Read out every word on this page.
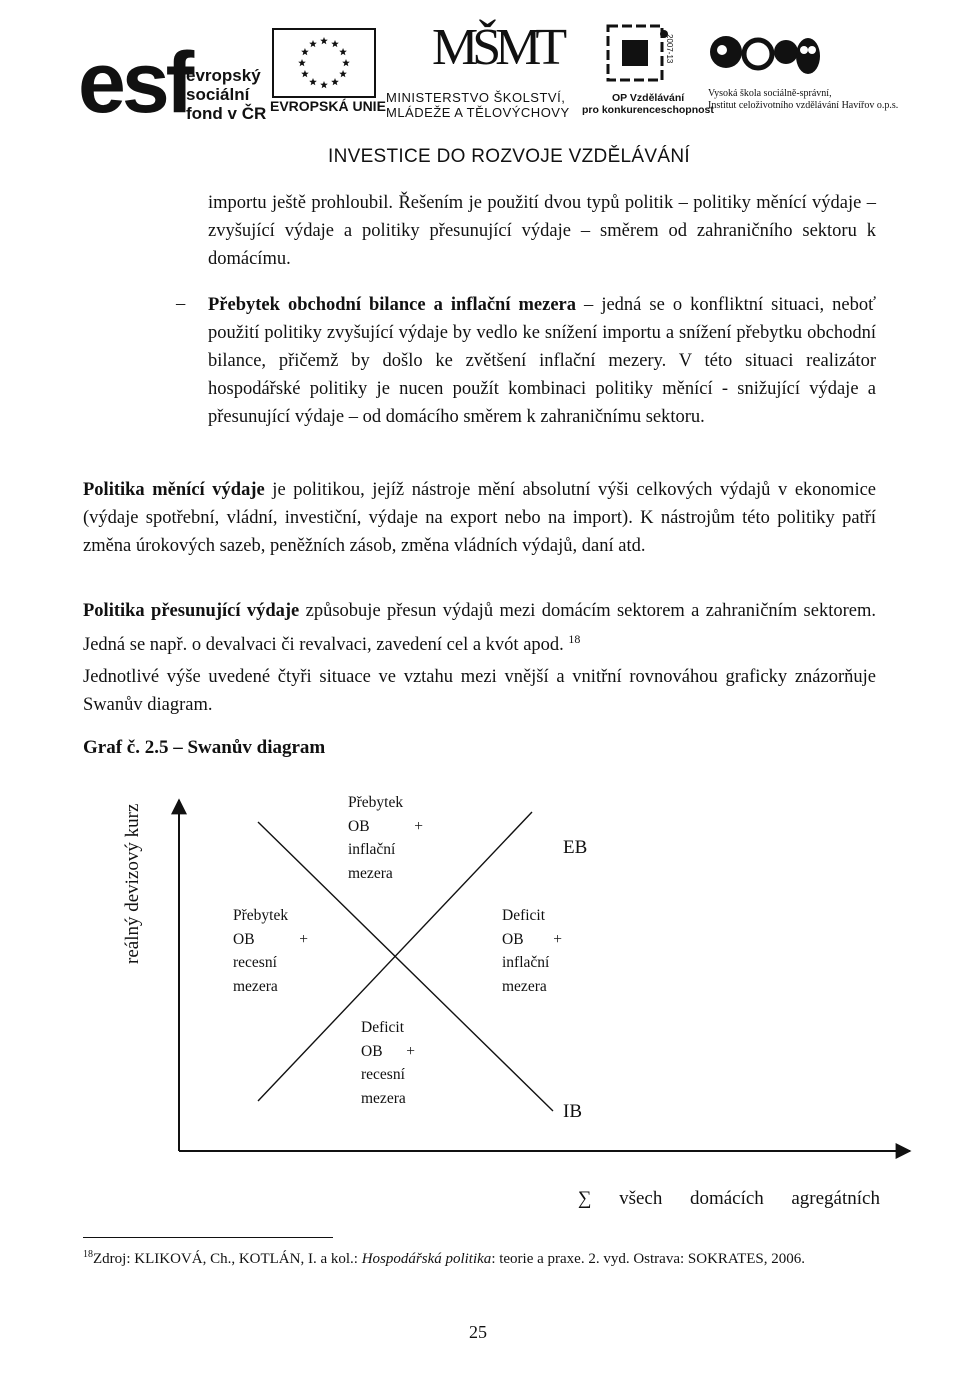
esf
evropský
sociální
fond v ČR EVROPSKÁ UNIE
MŠMT
MINISTERSTVO ŠKOLSTVÍ,
MLÁDEŽE A TĚLOVÝCHOVY
2007-13
OP Vzdělávání
pro konkurenceschopnost
Vysoká škola sociálně-správní,
Institut celoživotního vzdělávání Havířov o.p.s.
INVESTICE DO ROZVOJE VZDĚLÁVÁNÍ
importu ještě prohloubil. Řešením je použití dvou typů politik – politiky měnící výdaje – zvyšující výdaje a politiky přesunující výdaje – směrem od zahraničního sektoru k domácímu.
– Přebytek obchodní bilance a inflační mezera – jedná se o konfliktní situaci, neboť použití politiky zvyšující výdaje by vedlo ke snížení importu a snížení přebytku obchodní bilance, přičemž by došlo ke zvětšení inflační mezery. V této situaci realizátor hospodářské politiky je nucen použít kombinaci politiky měnící - snižující výdaje a přesunující výdaje – od domácího směrem k zahraničnímu sektoru.
Politika měnící výdaje je politikou, jejíž nástroje mění absolutní výši celkových výdajů v ekonomice (výdaje spotřební, vládní, investiční, výdaje na export nebo na import). K nástrojům této politiky patří změna úrokových sazeb, peněžních zásob, změna vládních výdajů, daní atd.
Politika přesunující výdaje způsobuje přesun výdajů mezi domácím sektorem a zahraničním sektorem. Jedná se např. o devalvaci či revalvaci, zavedení cel a kvót apod. $^{18}$
Jednotlivé výše uvedené čtyři situace ve vztahu mezi vnější a vnitřní rovnováhou graficky znázorňuje Swanův diagram.
Graf č. 2.5 – Swanův diagram
reálný devizový kurz	EB
IB
Přebytek
OB	+
inflační
mezera
Přebytek
OB	+
recesní
mezera
Deficit
OB +
inflační
mezera
Deficit
OB +
recesní
mezera
∑ všech domácích agregátních
$^{18}$Zdroj: KLIKOVÁ, Ch., KOTLÁN, I. a kol.: Hospodářská politika: teorie a praxe. 2. vyd. Ostrava: SOKRATES, 2006.
25
